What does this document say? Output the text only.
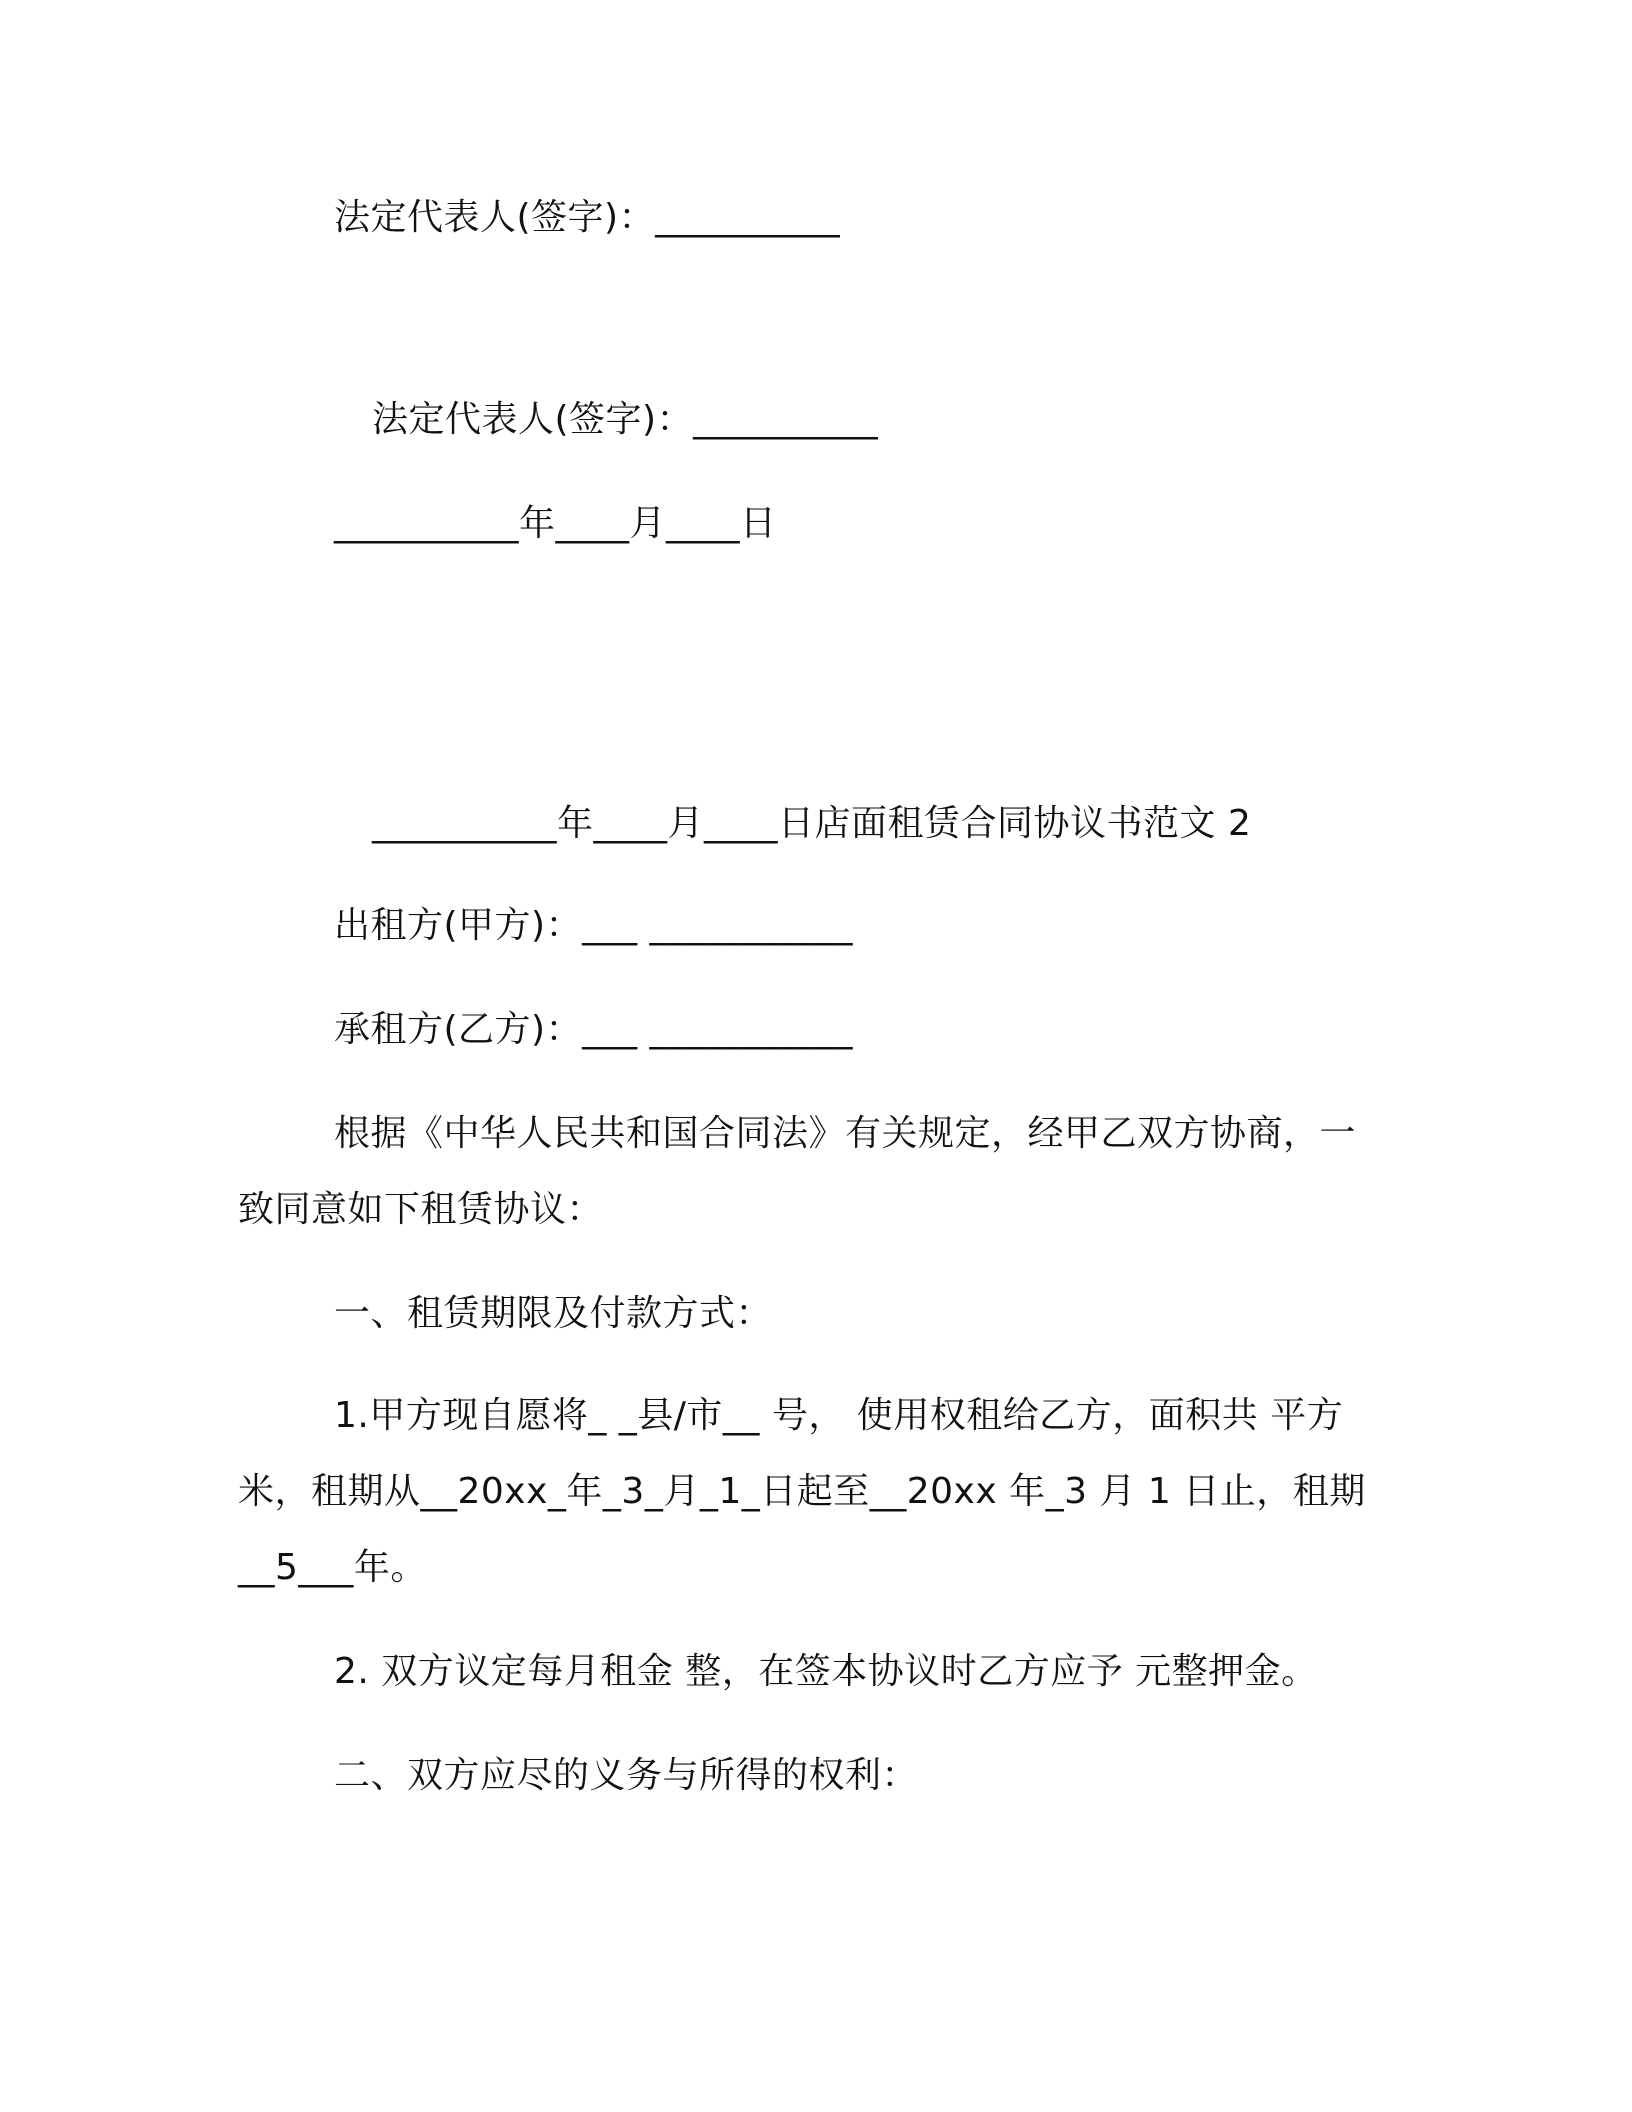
法定代表人(签字)：__________
法定代表人(签字)：__________
__________年____月____日
__________年____月____日店面租赁合同协议书范文 2
出租方(甲方)：___ ___________
承租方(乙方)：___ ___________
根据《中华人民共和国合同法》有关规定，经甲乙双方协商，一
致同意如下租赁协议：
一、租赁期限及付款方式：
1.甲方现自愿将_ _县/市__ 号， 使用权租给乙方，面积共 平方
米，租期从__20xx_年_3_月_1_日起至__20xx 年_3 月 1 日止，租期
__5___年。
2. 双方议定每月租金 整，在签本协议时乙方应予 元整押金。
二、双方应尽的义务与所得的权利：
